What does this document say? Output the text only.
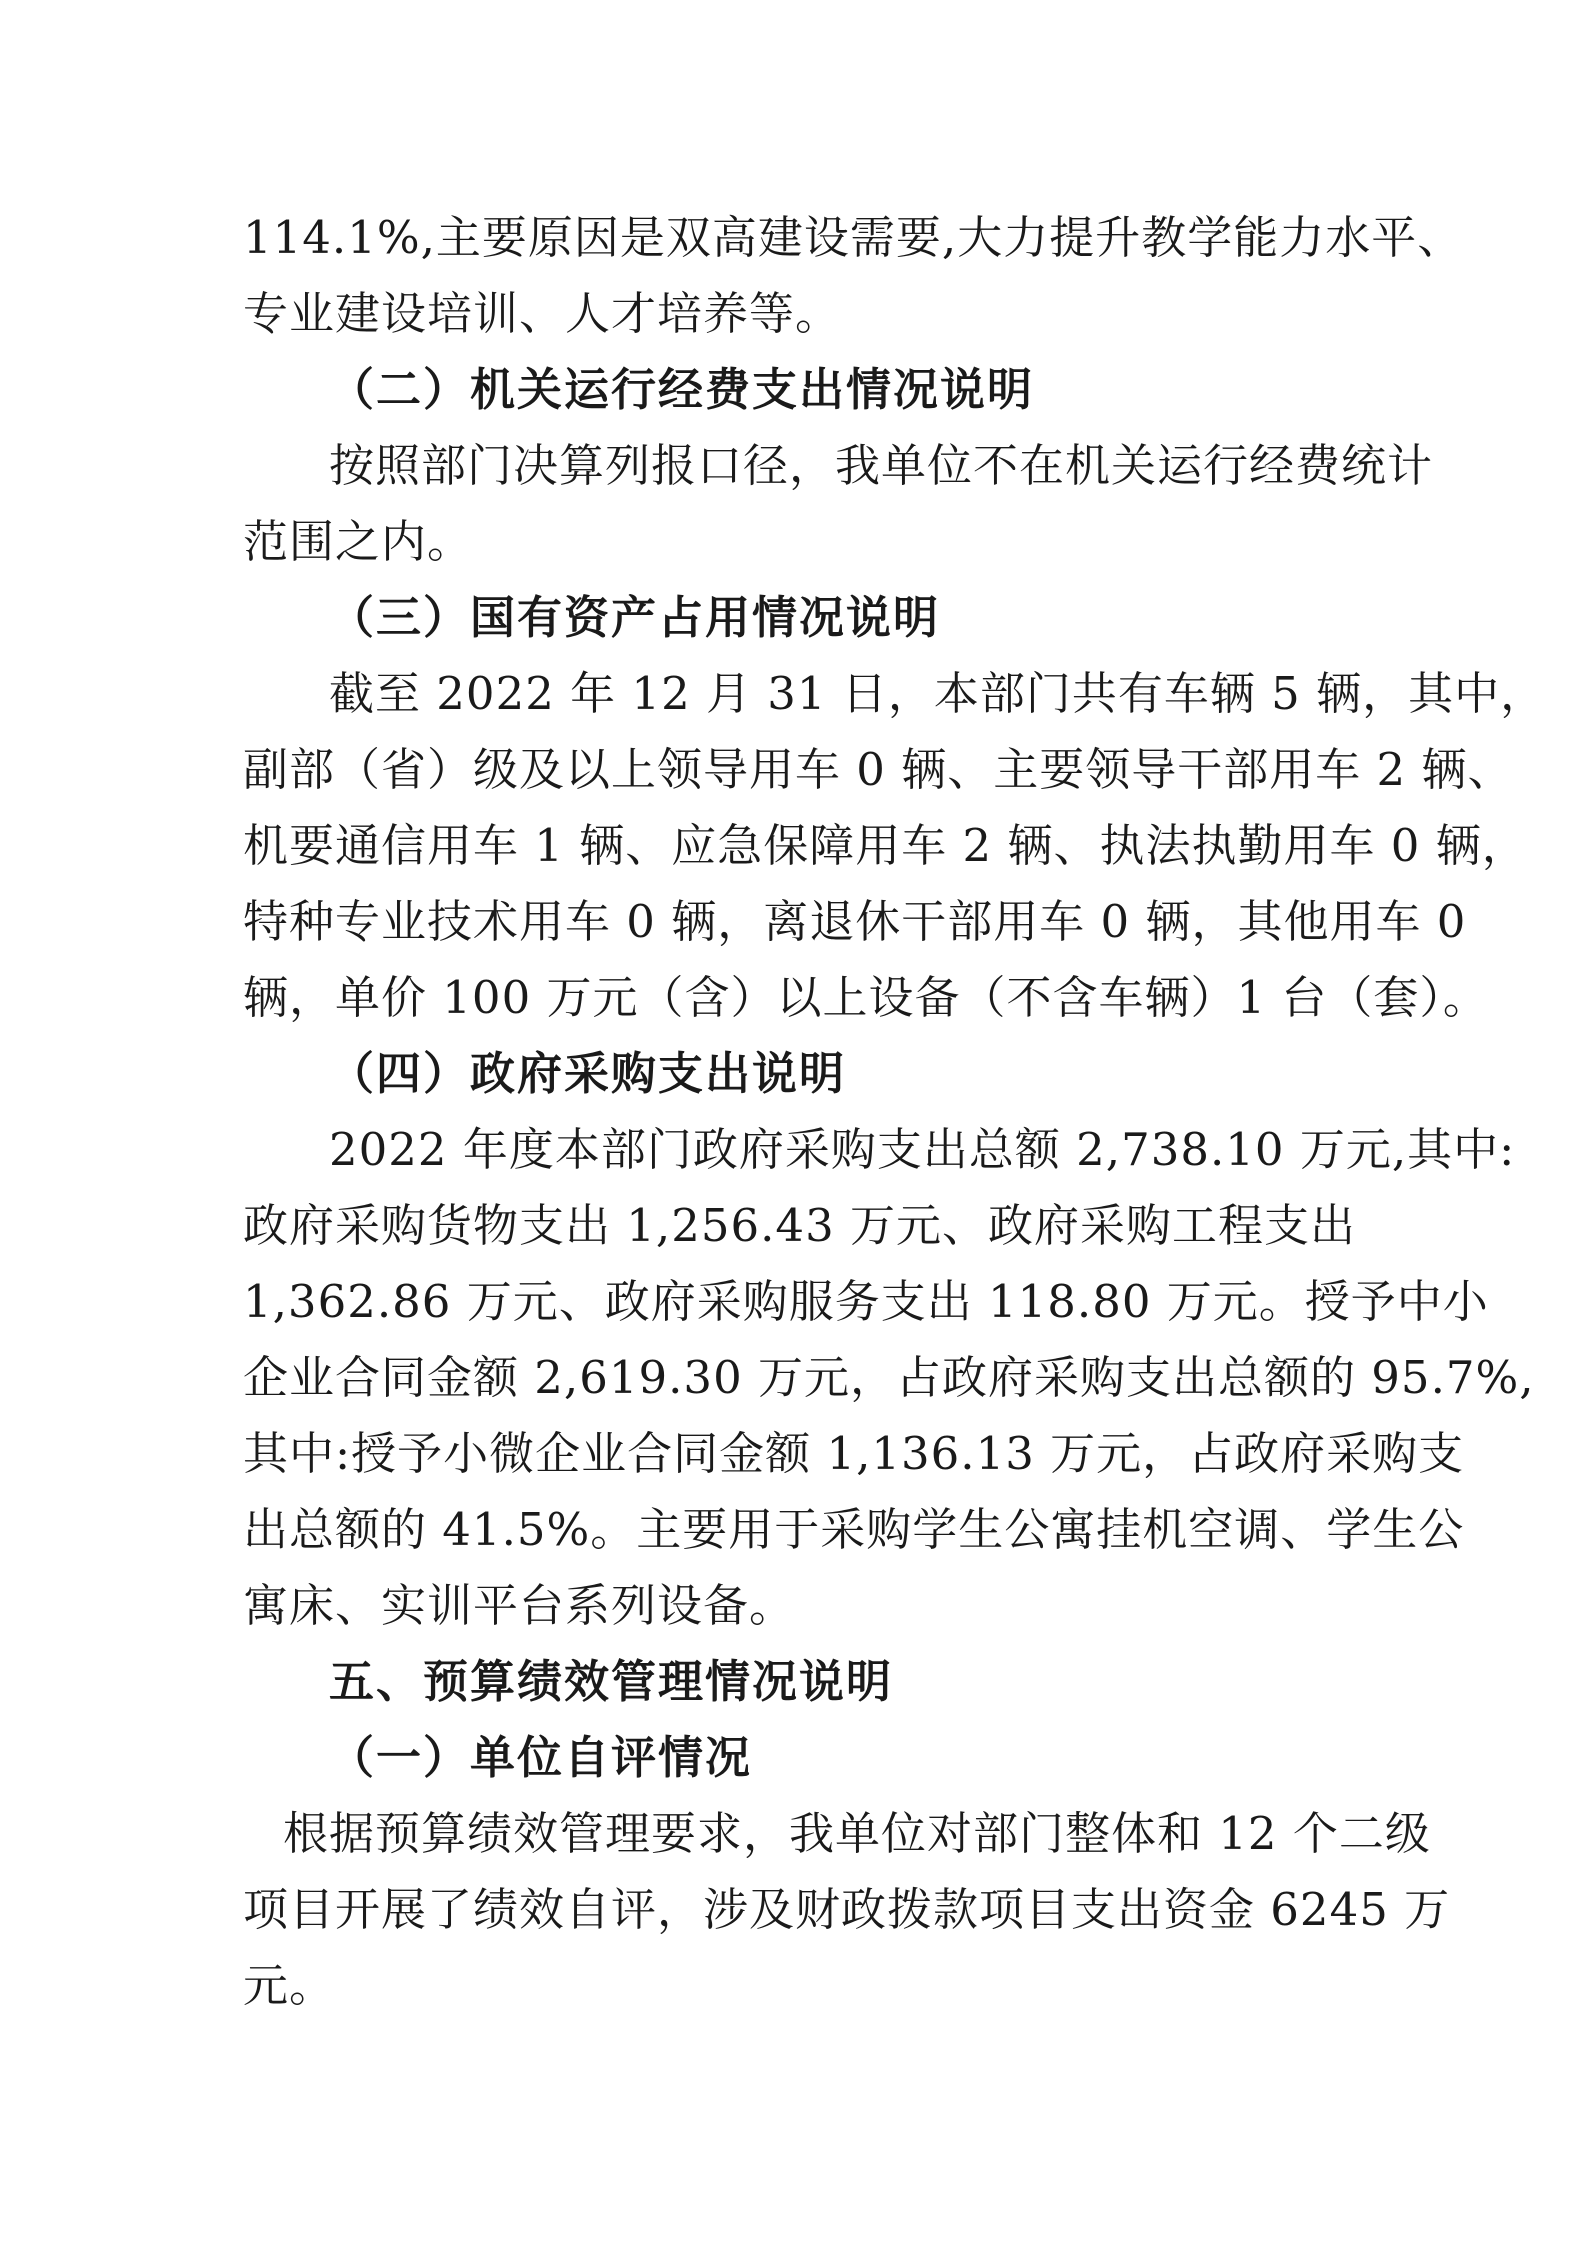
114.1%,主要原因是双高建设需要,大力提升教学能力水平、
专业建设培训、人才培养等。
（二）机关运行经费支出情况说明
按照部门决算列报口径，我单位不在机关运行经费统计
范围之内。
（三）国有资产占用情况说明
截至 2022 年 12 月 31 日，本部门共有车辆 5 辆，其中，
副部（省）级及以上领导用车 0 辆、主要领导干部用车 2 辆、
机要通信用车 1 辆、应急保障用车 2 辆、执法执勤用车 0 辆，
特种专业技术用车 0 辆，离退休干部用车 0 辆，其他用车 0
辆，单价 100 万元（含）以上设备（不含车辆）1 台（套）。
（四）政府采购支出说明
2022 年度本部门政府采购支出总额 2,738.10 万元,其中:
政府采购货物支出 1,256.43 万元、政府采购工程支出
1,362.86 万元、政府采购服务支出 118.80 万元。授予中小
企业合同金额 2,619.30 万元，占政府采购支出总额的 95.7%,
其中:授予小微企业合同金额 1,136.13 万元，占政府采购支
出总额的 41.5%。主要用于采购学生公寓挂机空调、学生公
寓床、实训平台系列设备。
五、预算绩效管理情况说明
（一）单位自评情况
根据预算绩效管理要求，我单位对部门整体和 12 个二级
项目开展了绩效自评，涉及财政拨款项目支出资金 6245 万
元。
